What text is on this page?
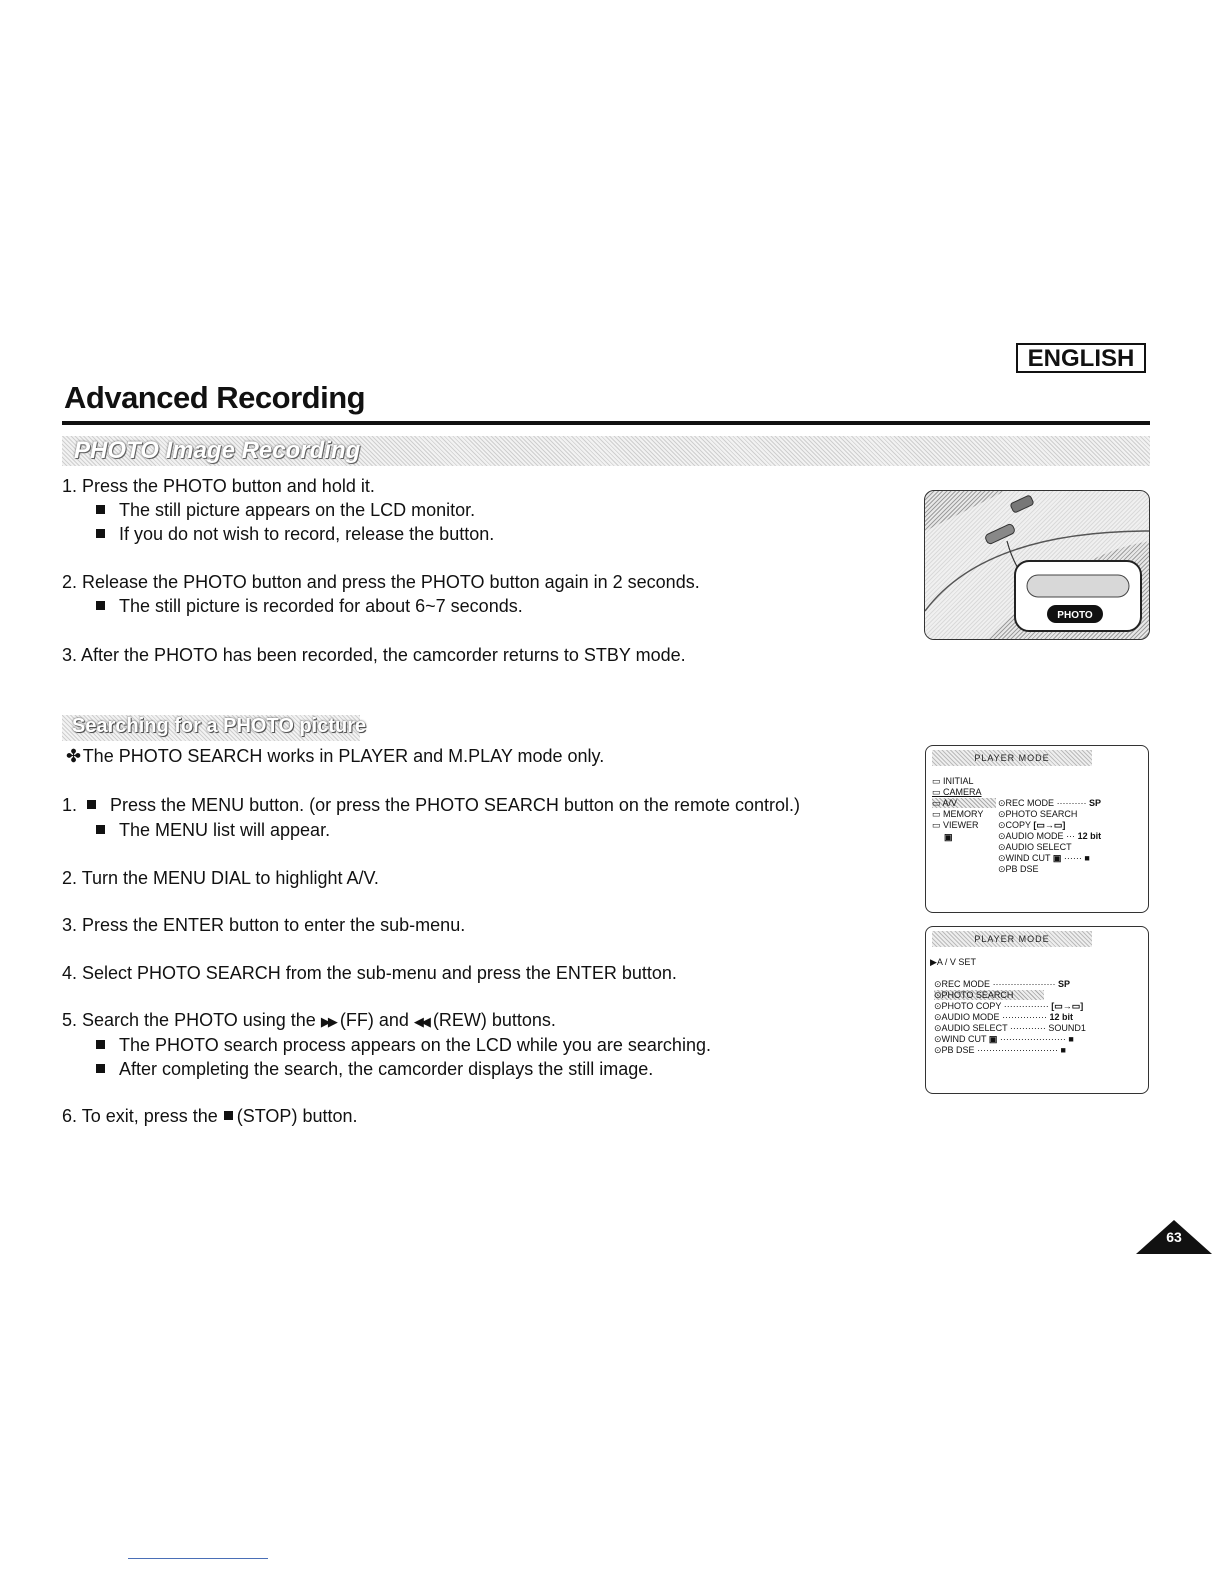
ENGLISH
Advanced Recording
PHOTO Image Recording
1. Press the PHOTO button and hold it.
The still picture appears on the LCD monitor.
If you do not wish to record, release the button.
2. Release the PHOTO button and press the PHOTO button again in 2 seconds.
The still picture is recorded for about 6~7 seconds.
3. After the PHOTO has been recorded, the camcorder returns to STBY mode.
PHOTO
Searching for a PHOTO picture
✤ The PHOTO SEARCH works in PLAYER and M.PLAY mode only.
1. Press the MENU button. (or press the PHOTO SEARCH button on the remote control.)
The MENU list will appear.
2. Turn the MENU DIAL to highlight A/V.
3. Press the ENTER button to enter the sub-menu.
4. Select PHOTO SEARCH from the sub-menu and press the ENTER button.
5. Search the PHOTO using the ▶▶ (FF) and ◀◀ (REW) buttons.
The PHOTO search process appears on the LCD while you are searching.
After completing the search, the camcorder displays the still image.
6. To exit, press the (STOP) button.
PLAYER MODE
▭ INITIAL
▭ CAMERA
▭ A/V
▭ MEMORY
▭ VIEWER
▣
⊙REC MODE ·········· SP
⊙PHOTO SEARCH
⊙COPY [▭→▭]
⊙AUDIO MODE ··· 12 bit
⊙AUDIO SELECT
⊙WIND CUT ▣ ······ ■
⊙PB DSE
PLAYER MODE
▶A / V SET
⊙REC MODE ····················· SP
⊙PHOTO SEARCH
⊙PHOTO COPY ··············· [▭→▭]
⊙AUDIO MODE ··············· 12 bit
⊙AUDIO SELECT ············ SOUND1
⊙WIND CUT ▣ ······················ ■
⊙PB DSE ··························· ■
63
